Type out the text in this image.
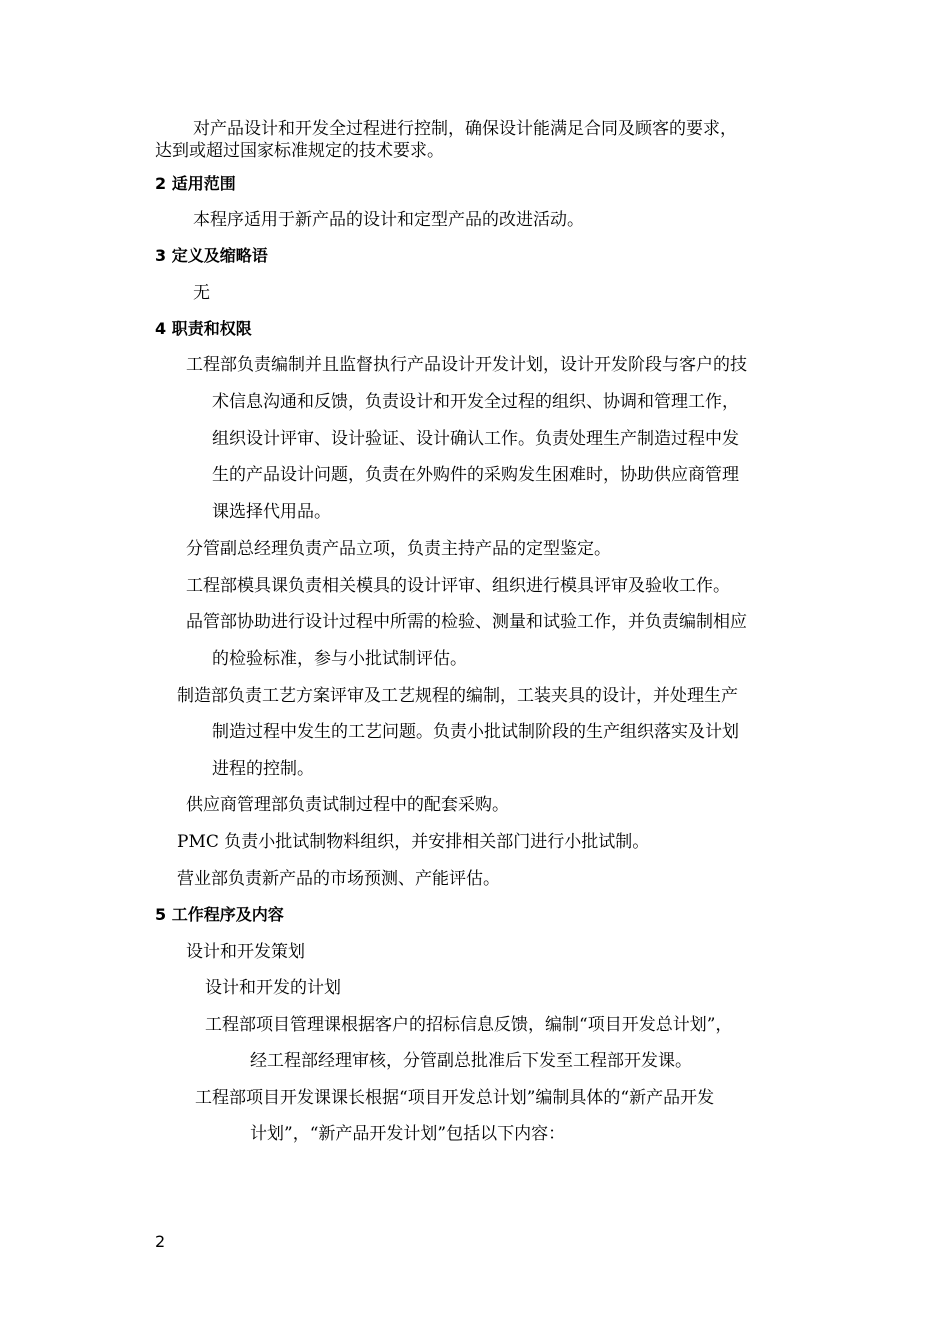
对产品设计和开发全过程进行控制，确保设计能满足合同及顾客的要求，
达到或超过国家标准规定的技术要求。
2 适用范围
本程序适用于新产品的设计和定型产品的改进活动。
3 定义及缩略语
无
4 职责和权限
工程部负责编制并且监督执行产品设计开发计划，设计开发阶段与客户的技
术信息沟通和反馈，负责设计和开发全过程的组织、协调和管理工作，
组织设计评审、设计验证、设计确认工作。负责处理生产制造过程中发
生的产品设计问题，负责在外购件的采购发生困难时，协助供应商管理
课选择代用品。
分管副总经理负责产品立项，负责主持产品的定型鉴定。
工程部模具课负责相关模具的设计评审、组织进行模具评审及验收工作。
品管部协助进行设计过程中所需的检验、测量和试验工作，并负责编制相应
的检验标准，参与小批试制评估。
制造部负责工艺方案评审及工艺规程的编制，工装夹具的设计，并处理生产
制造过程中发生的工艺问题。负责小批试制阶段的生产组织落实及计划
进程的控制。
供应商管理部负责试制过程中的配套采购。
PMC 负责小批试制物料组织，并安排相关部门进行小批试制。
营业部负责新产品的市场预测、产能评估。
5 工作程序及内容
设计和开发策划
设计和开发的计划
工程部项目管理课根据客户的招标信息反馈，编制“项目开发总计划”，
经工程部经理审核，分管副总批准后下发至工程部开发课。
工程部项目开发课课长根据“项目开发总计划”编制具体的“新产品开发
计划”，“新产品开发计划”包括以下内容：
2
